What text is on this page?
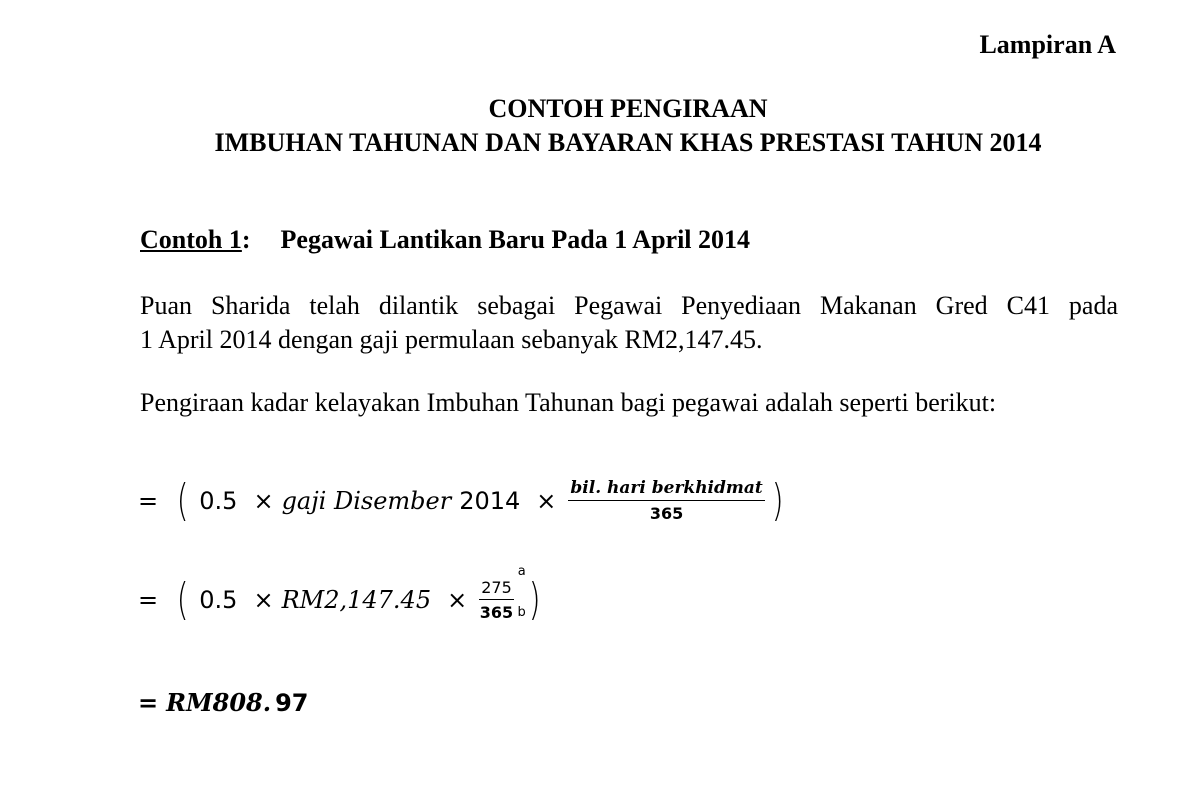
Lampiran A
CONTOH PENGIRAAN
IMBUHAN TAHUNAN DAN BAYARAN KHAS PRESTASI TAHUN 2014
Contoh 1: Pegawai Lantikan Baru Pada 1 April 2014
Puan Sharida telah dilantik sebagai Pegawai Penyediaan Makanan Gred C41 pada
1 April 2014 dengan gaji permulaan sebanyak RM2,147.45.
Pengiraan kadar kelayakan Imbuhan Tahunan bagi pegawai adalah seperti berikut:
= ( 0.5 × gaji Disember $2014 \times \frac{\text{bil. hari berkhidmat}}{365}$ )
= ( 0.5 × RM2,147.45 × 275
365
a
b )
= RM808. 97
